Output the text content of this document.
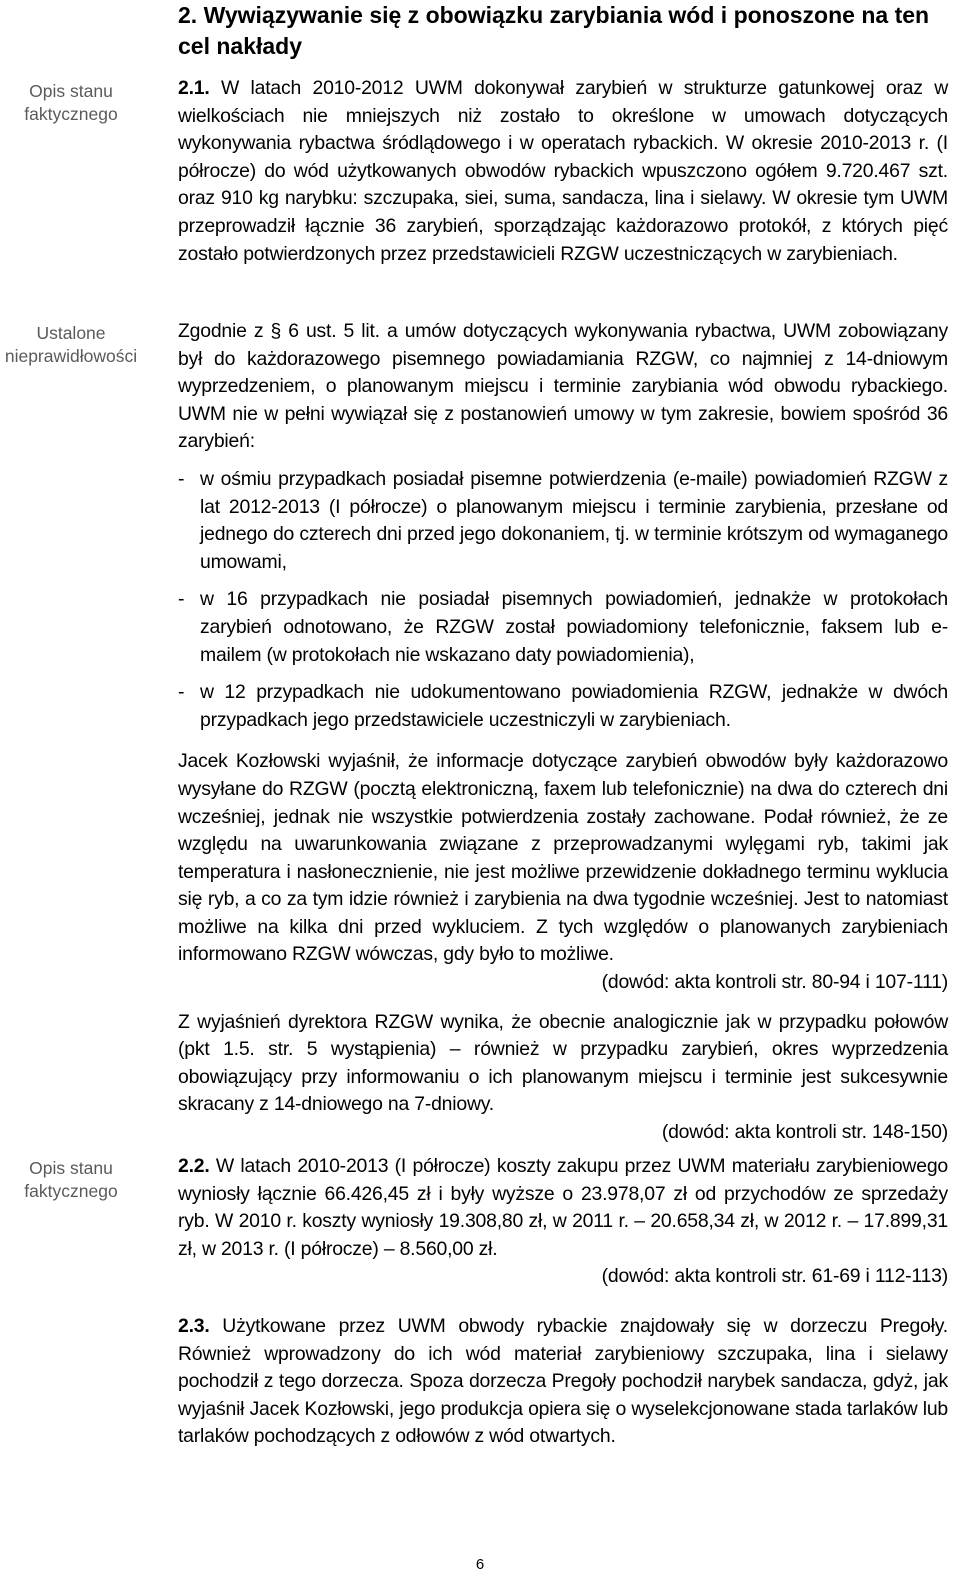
2. Wywiązywanie się z obowiązku zarybiania wód i ponoszone na ten cel nakłady
Opis stanu faktycznego
Ustalone nieprawidłowości
Opis stanu faktycznego

2.1. W latach 2010-2012 UWM dokonywał zarybień w strukturze gatunkowej oraz w wielkościach nie mniejszych niż zostało to określone w umowach dotyczących wykonywania rybactwa śródlądowego i w operatach rybackich. W okresie 2010-2013 r. (I półrocze) do wód użytkowanych obwodów rybackich wpuszczono ogółem 9.720.467 szt. oraz 910 kg narybku: szczupaka, siei, suma, sandacza, lina i sielawy. W okresie tym UWM przeprowadził łącznie 36 zarybień, sporządzając każdorazowo protokół, z których pięć zostało potwierdzonych przez przedstawicieli RZGW uczestniczących w zarybieniach.

Zgodnie z § 6 ust. 5 lit. a umów dotyczących wykonywania rybactwa, UWM zobowiązany był do każdorazowego pisemnego powiadamiania RZGW, co najmniej z 14-dniowym wyprzedzeniem, o planowanym miejscu i terminie zarybiania wód obwodu rybackiego. UWM nie w pełni wywiązał się z postanowień umowy w tym zakresie, bowiem spośród 36 zarybień:

- w ośmiu przypadkach posiadał pisemne potwierdzenia (e-maile) powiadomień RZGW z lat 2012-2013 (I półrocze) o planowanym miejscu i terminie zarybienia, przesłane od jednego do czterech dni przed jego dokonaniem, tj. w terminie krótszym od wymaganego umowami,
- w 16 przypadkach nie posiadał pisemnych powiadomień, jednakże w protokołach zarybień odnotowano, że RZGW został powiadomiony telefonicznie, faksem lub e-mailem (w protokołach nie wskazano daty powiadomienia),
- w 12 przypadkach nie udokumentowano powiadomienia RZGW, jednakże w dwóch przypadkach jego przedstawiciele uczestniczyli w zarybieniach.

Jacek Kozłowski wyjaśnił, że informacje dotyczące zarybień obwodów były każdorazowo wysyłane do RZGW (pocztą elektroniczną, faxem lub telefonicznie) na dwa do czterech dni wcześniej, jednak nie wszystkie potwierdzenia zostały zachowane. Podał również, że ze względu na uwarunkowania związane z przeprowadzanymi wylęgami ryb, takimi jak temperatura i nasłonecznienie, nie jest możliwe przewidzenie dokładnego terminu wyklucia się ryb, a co za tym idzie również i zarybienia na dwa tygodnie wcześniej. Jest to natomiast możliwe na kilka dni przed wykluciem. Z tych względów o planowanych zarybieniach informowano RZGW wówczas, gdy było to możliwe.

(dowód: akta kontroli str. 80-94 i 107-111)

Z wyjaśnień dyrektora RZGW wynika, że obecnie analogicznie jak w przypadku połowów (pkt 1.5. str. 5 wystąpienia) – również w przypadku zarybień, okres wyprzedzenia obowiązujący przy informowaniu o ich planowanym miejscu i terminie jest sukcesywnie skracany z 14-dniowego na 7-dniowy.

(dowód: akta kontroli str. 148-150)

2.2. W latach 2010-2013 (I półrocze) koszty zakupu przez UWM materiału zarybieniowego wyniosły łącznie 66.426,45 zł i były wyższe o 23.978,07 zł od przychodów ze sprzedaży ryb. W 2010 r. koszty wyniosły 19.308,80 zł, w 2011 r. – 20.658,34 zł, w 2012 r. – 17.899,31 zł, w 2013 r. (I półrocze) – 8.560,00 zł.

(dowód: akta kontroli str. 61-69 i 112-113)

2.3. Użytkowane przez UWM obwody rybackie znajdowały się w dorzeczu Pregoły. Również wprowadzony do ich wód materiał zarybieniowy szczupaka, lina i sielawy pochodził z tego dorzecza. Spoza dorzecza Pregoły pochodził narybek sandacza, gdyż, jak wyjaśnił Jacek Kozłowski, jego produkcja opiera się o wyselekcjonowane stada tarlaków lub tarlaków pochodzących z odłowów z wód otwartych.

6
